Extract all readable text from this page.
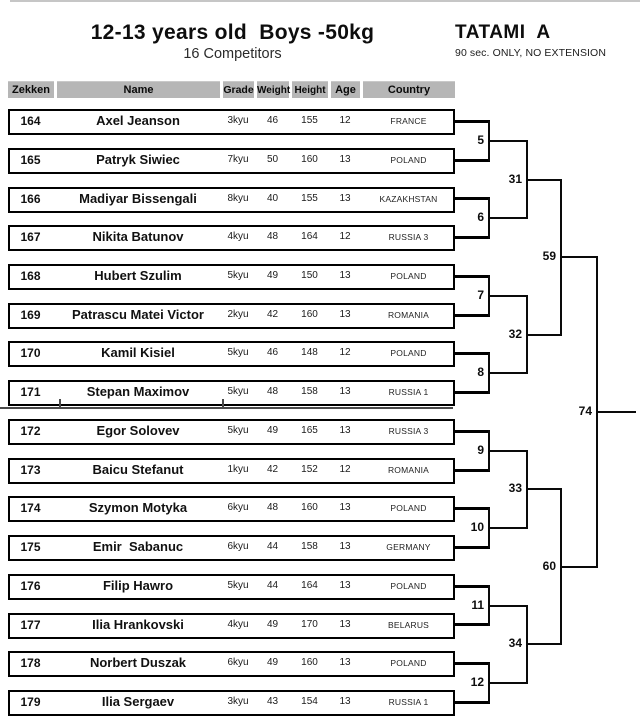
12-13 years old  Boys -50kg
16 Competitors
TATAMI  A
90 sec. ONLY, NO EXTENSION
Zekken	Name	Grade Weight Height Age	Country
164	Axel Jeanson	3kyu	46	155	12	FRANCE
165	Patryk Siwiec	7kyu	50	160	13	POLAND
166	Madiyar Bissengali	8kyu	40	155	13	KAZAKHSTAN
167	Nikita Batunov	4kyu	48	164	12	RUSSIA 3
168	Hubert Szulim	5kyu	49	150	13	POLAND
169	Patrascu Matei Victor	2kyu	42	160	13	ROMANIA
170	Kamil Kisiel	5kyu	46	148	12	POLAND
171	Stepan Maximov	5kyu	48	158	13	RUSSIA 1
172	Egor Solovev	5kyu	49	165	13	RUSSIA 3
173	Baicu Stefanut	1kyu	42	152	12	ROMANIA
174	Szymon Motyka	6kyu	48	160	13	POLAND
175	Emir  Sabanuc	6kyu	44	158	13	GERMANY
176	Filip Hawro	5kyu	44	164	13	POLAND
177	Ilia Hrankovski	4kyu	49	170	13	BELARUS
178	Norbert Duszak	6kyu	49	160	13	POLAND
179	Ilia Sergaev	3kyu	43	154	13	RUSSIA 1
5
6
7
8
9
10
11
12
31
32
33
34
59
60
74
